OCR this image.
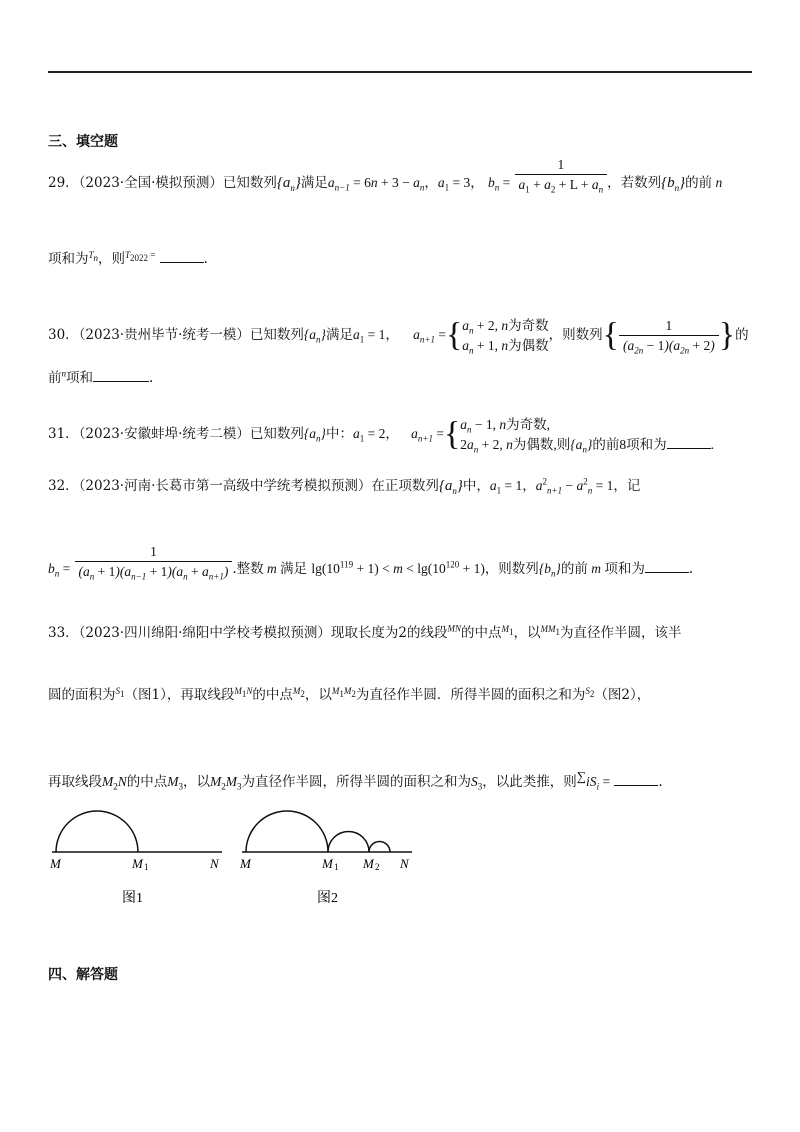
三、填空题
29．（2023·全国·模拟预测）已知数列$\{a_n\}$满足$a_{n-1} = 6n + 3 - a_n$，$a_1 = 3$， $b_n = \frac{1}{a_1 + a_2 + L + a_n}$ ，若数列$\{b_n\}$的前 n
项和为$^{T_n}$，则$^{T_{2022} =}$	.
30．（2023·贵州毕节·统考一模）已知数列$\{a_n\}$满足$a_1 = 1$， $a_{n+1}$ ={ $a_n + 2$, n为奇数
$a_n + 1$, n为偶数
，则数列{ $\frac{1}{(a_{2n} - 1)(a_{2n} + 2)}$ }的
前$^n$项和	.
31．（2023·安徽蚌埠·统考二模）已知数列$\{a_n\}$中：$a_1 = 2$， $a_{n+1}$ ={ $a_n - 1$, n为奇数,
$2a_n + 2$, n为偶数,则$\{a_n\}$的前8项和为	.
32．（2023·河南·长葛市第一高级中学统考模拟预测）在正项数列$\{a_n\}$中，$a_1 = 1$，$a^2_{n+1} - a^2_n = 1$，记
$b_n = \frac{1}{(a_n + 1)(a_{n-1} + 1)(a_n + a_{n+1})}$ .整数 m 满足 $\lg(10^{119} + 1) < m < \lg(10^{120} + 1)$，则数列$\{b_n\}$的前 m 项和为	.
33．（2023·四川绵阳·绵阳中学校考模拟预测）现取长度为2的线段$^{MN}$的中点$^{M_1}$，以$^{MM_1}$为直径作半圆，该半
圆的面积为$^{S_1}$（图1），再取线段$^{M_1N}$的中点$^{M_2}$，以$^{M_1M_2}$为直径作半圆．所得半圆的面积之和为$^{S_2}$（图2），
再取线段$M_2N$的中点$M_3$，以$M_2M_3$为直径作半圆，所得半圆的面积之和为$S_3$，以此类推，则$^\sum iS_i$ =	.
M	M 1	N M	M 1 M 2 N
图1	图2
四、解答题
